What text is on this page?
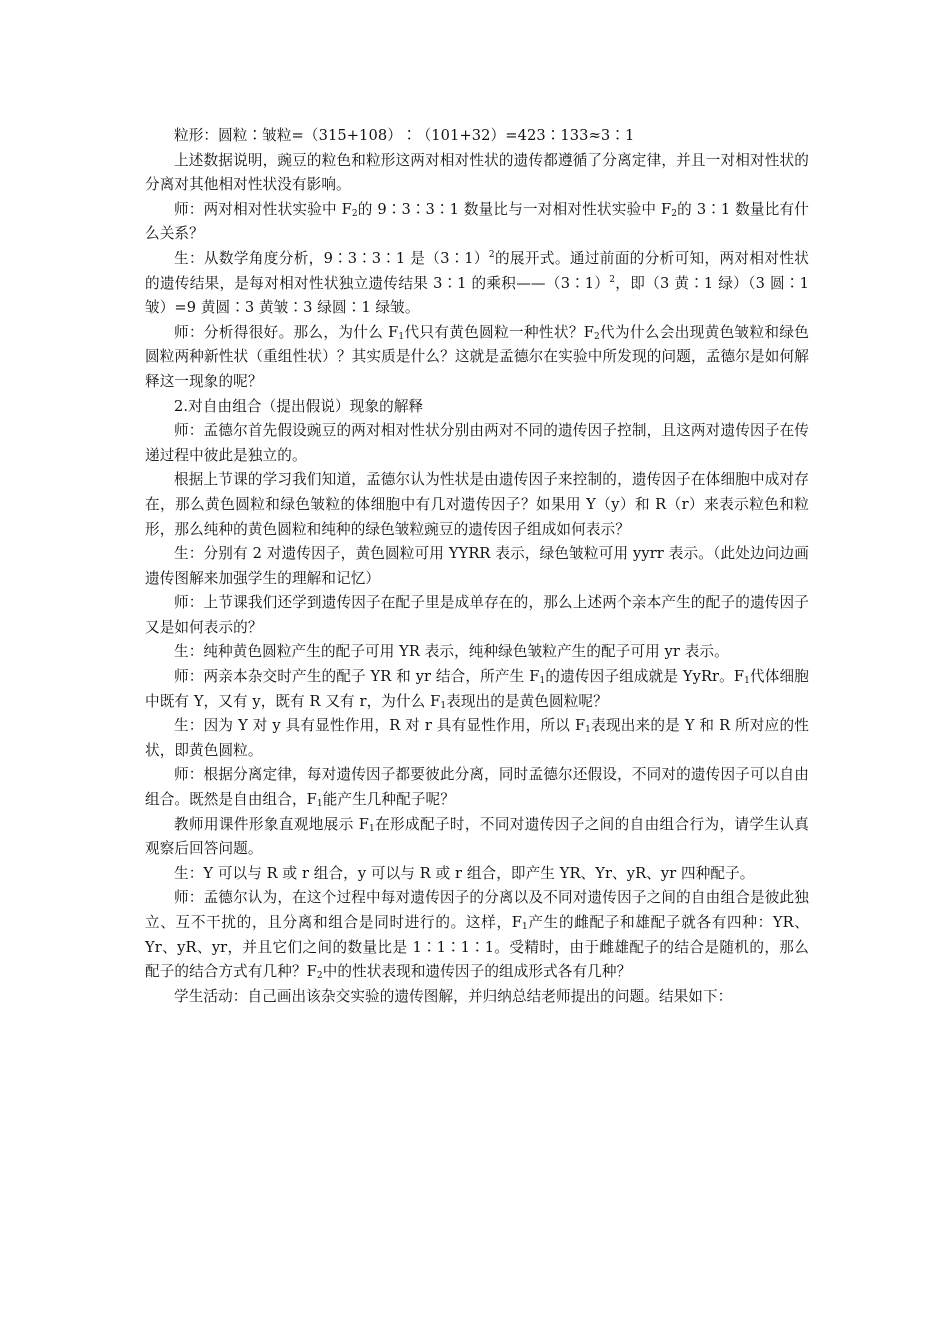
粒形：圆粒∶皱粒=（315+108）∶（101+32）=423∶133≈3∶1

上述数据说明，豌豆的粒色和粒形这两对相对性状的遗传都遵循了分离定律，并且一对相对性状的分离对其他相对性状没有影响。

师：两对相对性状实验中 $F_2$的 9∶3∶3∶1 数量比与一对相对性状实验中 $F_2$的 3∶1 数量比有什么关系？

生：从数学角度分析，9∶3∶3∶1 是（3∶1）$^2$的展开式。通过前面的分析可知，两对相对性状的遗传结果，是每对相对性状独立遗传结果 3∶1 的乘积——（3∶1）$^2$，即（3 黄∶1 绿）（3 圆∶1 皱）=9 黄圆∶3 黄皱∶3 绿圆∶1 绿皱。

师：分析得很好。那么，为什么 $F_1$代只有黄色圆粒一种性状？$F_2$代为什么会出现黄色皱粒和绿色圆粒两种新性状（重组性状）？其实质是什么？这就是孟德尔在实验中所发现的问题，孟德尔是如何解释这一现象的呢？

2.对自由组合（提出假说）现象的解释

师：孟德尔首先假设豌豆的两对相对性状分别由两对不同的遗传因子控制，且这两对遗传因子在传递过程中彼此是独立的。

根据上节课的学习我们知道，孟德尔认为性状是由遗传因子来控制的，遗传因子在体细胞中成对存在，那么黄色圆粒和绿色皱粒的体细胞中有几对遗传因子？如果用 Y（y）和 R（r）来表示粒色和粒形，那么纯种的黄色圆粒和纯种的绿色皱粒豌豆的遗传因子组成如何表示？

生：分别有 2 对遗传因子，黄色圆粒可用 YYRR 表示，绿色皱粒可用 yyrr 表示。（此处边问边画遗传图解来加强学生的理解和记忆）

师：上节课我们还学到遗传因子在配子里是成单存在的，那么上述两个亲本产生的配子的遗传因子又是如何表示的？

生：纯种黄色圆粒产生的配子可用 YR 表示，纯种绿色皱粒产生的配子可用 yr 表示。

师：两亲本杂交时产生的配子 YR 和 yr 结合，所产生 $F_1$的遗传因子组成就是 YyRr。$F_1$代体细胞中既有 Y，又有 y，既有 R 又有 r，为什么 $F_1$表现出的是黄色圆粒呢？

生：因为 Y 对 y 具有显性作用，R 对 r 具有显性作用，所以 $F_1$表现出来的是 Y 和 R 所对应的性状，即黄色圆粒。

师：根据分离定律，每对遗传因子都要彼此分离，同时孟德尔还假设，不同对的遗传因子可以自由组合。既然是自由组合，$F_1$能产生几种配子呢？

教师用课件形象直观地展示 $F_1$在形成配子时，不同对遗传因子之间的自由组合行为，请学生认真观察后回答问题。

生：Y 可以与 R 或 r 组合，y 可以与 R 或 r 组合，即产生 YR、Yr、yR、yr 四种配子。

师：孟德尔认为，在这个过程中每对遗传因子的分离以及不同对遗传因子之间的自由组合是彼此独立、互不干扰的，且分离和组合是同时进行的。这样，$F_1$产生的雌配子和雄配子就各有四种：YR、Yr、yR、yr，并且它们之间的数量比是 1∶1∶1∶1。受精时，由于雌雄配子的结合是随机的，那么配子的结合方式有几种？$F_2$中的性状表现和遗传因子的组成形式各有几种？

学生活动：自己画出该杂交实验的遗传图解，并归纳总结老师提出的问题。结果如下：
